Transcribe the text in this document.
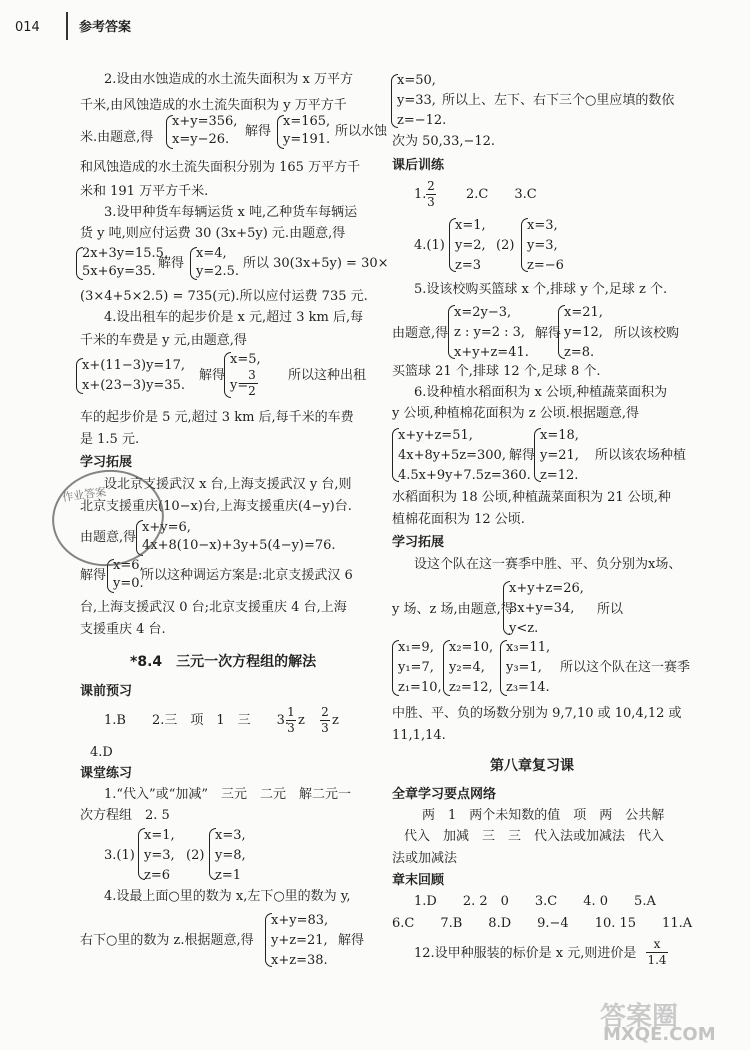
014	参考答案
2.设由水蚀造成的水土流失面积为 x 万平方
千米,由风蚀造成的水土流失面积为 y 万平方千
米.由题意,得
x+y=356,
x=y−26.
解得
x=165,
y=191.
所以水蚀
和风蚀造成的水土流失面积分别为 165 万平方千
米和 191 万平方千米.
3.设甲种货车每辆运货 x 吨,乙种货车每辆运
货 y 吨,则应付运费 30 (3x+5y) 元.由题意,得
2x+3y=15.5,
5x+6y=35.
解得
x=4,
y=2.5.
所以 30(3x+5y) = 30×
(3×4+5×2.5) = 735(元).所以应付运费 735 元.
4.设出租车的起步价是 x 元,超过 3 km 后,每
千米的车费是 y 元,由题意,得
x+(11−3)y=17,
x+(23−3)y=35.
解得
x=5,
y=
3
2
所以这种出租
车的起步价是 5 元,超过 3 km 后,每千米的车费
是 1.5 元.
学习拓展
设北京支援武汉 x 台,上海支援武汉 y 台,则
北京支援重庆(10−x)台,上海支援重庆(4−y)台.
由题意,得
x+y=6,
4x+8(10−x)+3y+5(4−y)=76.
解得
x=6,
y=0.
所以这种调运方案是:北京支援武汉 6
台,上海支援武汉 0 台;北京支援重庆 4 台,上海
支援重庆 4 台.
作业答案
*8.4　三元一次方程组的解法
课前预习
1.B　　2.三　项　1　三　　3.
1
3 z
2
3 z
4.D
课堂练习
1.“代入”或“加减”　三元　二元　解二元一
次方程组　2. 5
3.(1)
x=1,
y=3,
z=6
(2)
x=3,
y=8,
z=1
4.设最上面○里的数为 x,左下○里的数为 y,
右下○里的数为 z.根据题意,得
x+y=83,
y+z=21,
x+z=38.
解得
x=50,
y=33,
z=−12.
所以上、左下、右下三个○里应填的数依
次为 50,33,−12.
课后训练
1.
2
3 2.C　　3.C
4.(1)
x=1,
y=2,
z=3
(2)
x=3,
y=3,
z=−6
5.设该校购买篮球 x 个,排球 y 个,足球 z 个.
由题意,得
x=2y−3,
z : y=2 : 3,
x+y+z=41.
解得
x=21,
y=12,
z=8.
所以该校购
买篮球 21 个,排球 12 个,足球 8 个.
6.设种植水稻面积为 x 公顷,种植蔬菜面积为
y 公顷,种植棉花面积为 z 公顷.根据题意,得
x+y+z=51,
4x+8y+5z=300,
4.5x+9y+7.5z=360.
解得
x=18,
y=21,
z=12.
所以该农场种植
水稻面积为 18 公顷,种植蔬菜面积为 21 公顷,种
植棉花面积为 12 公顷.
学习拓展
设这个队在这一赛季中胜、平、负分别为x场、
y 场、z 场,由题意,得
x+y+z=26,
3x+y=34,
y<z.
所以
x₁=9,
y₁=7,
z₁=10,
x₂=10,
y₂=4,
z₂=12,
x₃=11,
y₃=1,
z₃=14.
所以这个队在这一赛季
中胜、平、负的场数分别为 9,7,10 或 10,4,12 或
11,1,14.
第八章复习课
全章学习要点网络
两　1　两个未知数的值　项　两　公共解
代入　加减　三　三　代入法或加减法　代入
法或加减法
章末回顾
1.D　　2. 2　0　　3.C　　4. 0　　5.A
6.C　　7.B　　8.D　　9.−4　　10. 15　　11.A
12.设甲种服装的标价是 x 元,则进价是
x
1.4
答案圈
MXQE.COM
